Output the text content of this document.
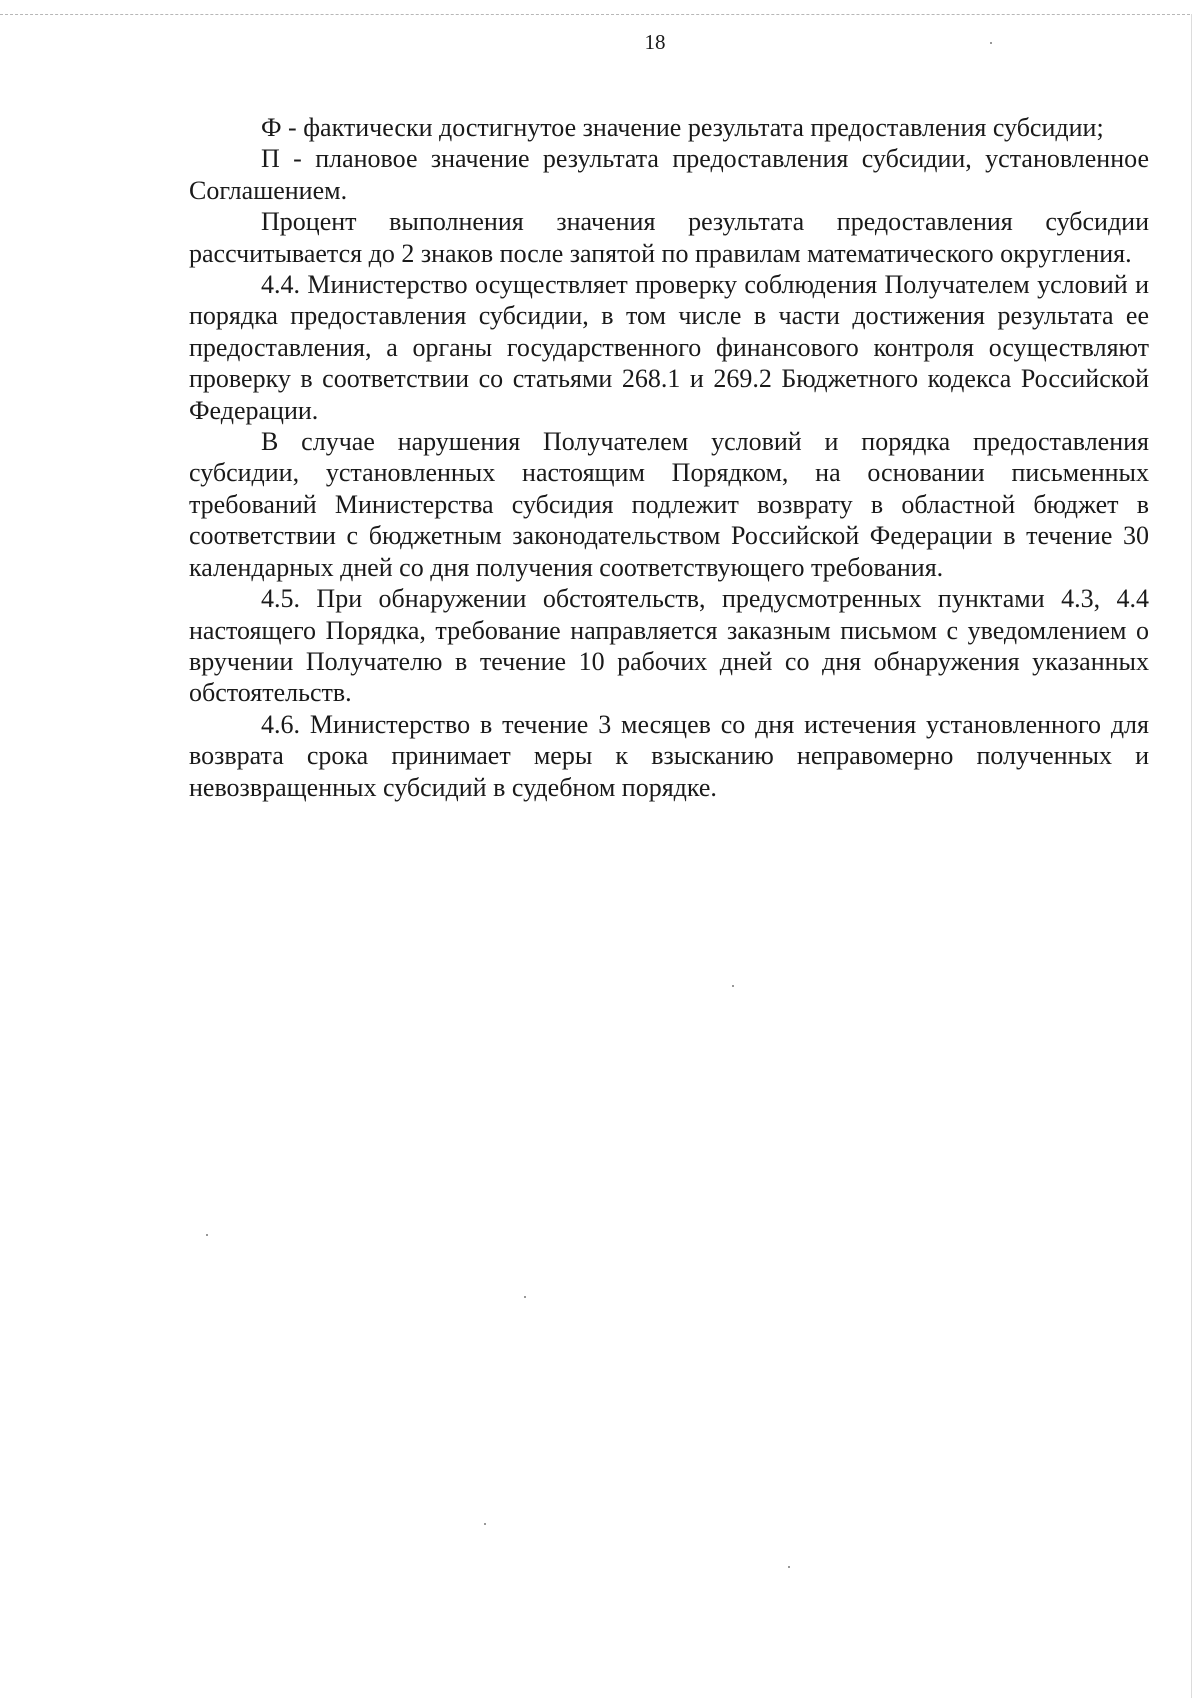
18

Ф - фактически достигнутое значение результата предоставления субсидии;

П - плановое значение результата предоставления субсидии, установленное Соглашением.

Процент выполнения значения результата предоставления субсидии рассчитывается до 2 знаков после запятой по правилам математического округления.

4.4. Министерство осуществляет проверку соблюдения Получателем условий и порядка предоставления субсидии, в том числе в части достижения результата ее предоставления, а органы государственного финансового контроля осуществляют проверку в соответствии со статьями 268.1 и 269.2 Бюджетного кодекса Российской Федерации.

В случае нарушения Получателем условий и порядка предоставления субсидии, установленных настоящим Порядком, на основании письменных требований Министерства субсидия подлежит возврату в областной бюджет в соответствии с бюджетным законодательством Российской Федерации в течение 30 календарных дней со дня получения соответствующего требования.

4.5. При обнаружении обстоятельств, предусмотренных пунктами 4.3, 4.4 настоящего Порядка, требование направляется заказным письмом с уведомлением о вручении Получателю в течение 10 рабочих дней со дня обнаружения указанных обстоятельств.

4.6. Министерство в течение 3 месяцев со дня истечения установленного для возврата срока принимает меры к взысканию неправомерно полученных и невозвращенных субсидий в судебном порядке.
